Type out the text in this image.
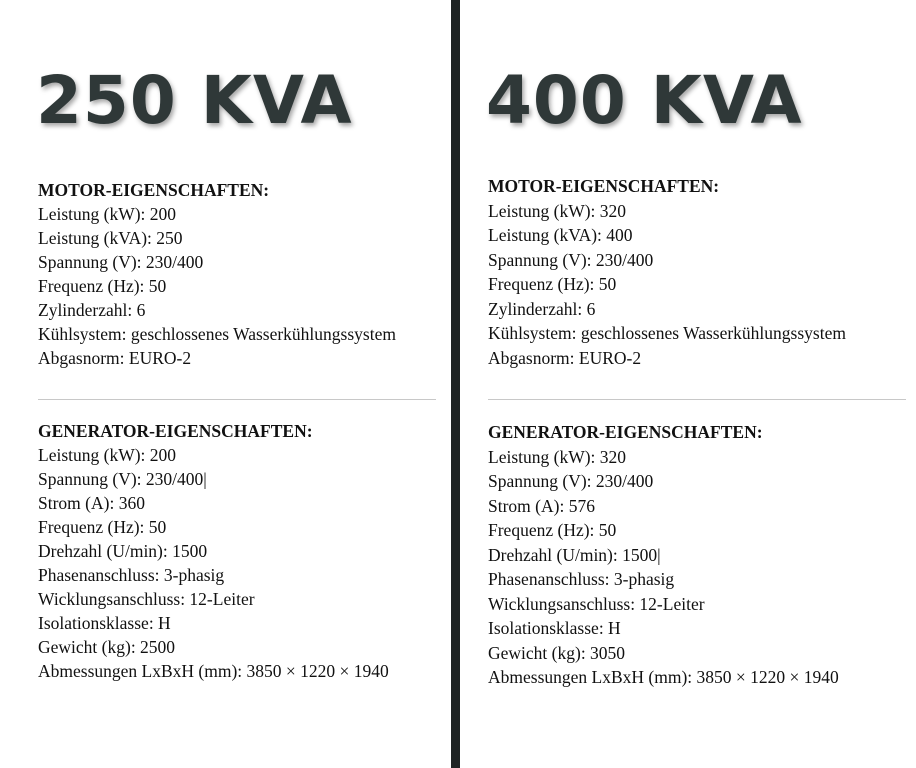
250 KVA
MOTOR-EIGENSCHAFTEN:
Leistung (kW): 200
Leistung (kVA): 250
Spannung (V): 230/400
Frequenz (Hz): 50
Zylinderzahl: 6
Kühlsystem: geschlossenes Wasserkühlungssystem
Abgasnorm: EURO-2
GENERATOR-EIGENSCHAFTEN:
Leistung (kW): 200
Spannung (V): 230/400|
Strom (A): 360
Frequenz (Hz): 50
Drehzahl (U/min): 1500
Phasenanschluss: 3-phasig
Wicklungsanschluss: 12-Leiter
Isolationsklasse: H
Gewicht (kg): 2500
Abmessungen LxBxH (mm): 3850 × 1220 × 1940
400 KVA
MOTOR-EIGENSCHAFTEN:
Leistung (kW): 320
Leistung (kVA): 400
Spannung (V): 230/400
Frequenz (Hz): 50
Zylinderzahl: 6
Kühlsystem: geschlossenes Wasserkühlungssystem
Abgasnorm: EURO-2
GENERATOR-EIGENSCHAFTEN:
Leistung (kW): 320
Spannung (V): 230/400
Strom (A): 576
Frequenz (Hz): 50
Drehzahl (U/min): 1500|
Phasenanschluss: 3-phasig
Wicklungsanschluss: 12-Leiter
Isolationsklasse: H
Gewicht (kg): 3050
Abmessungen LxBxH (mm): 3850 × 1220 × 1940
